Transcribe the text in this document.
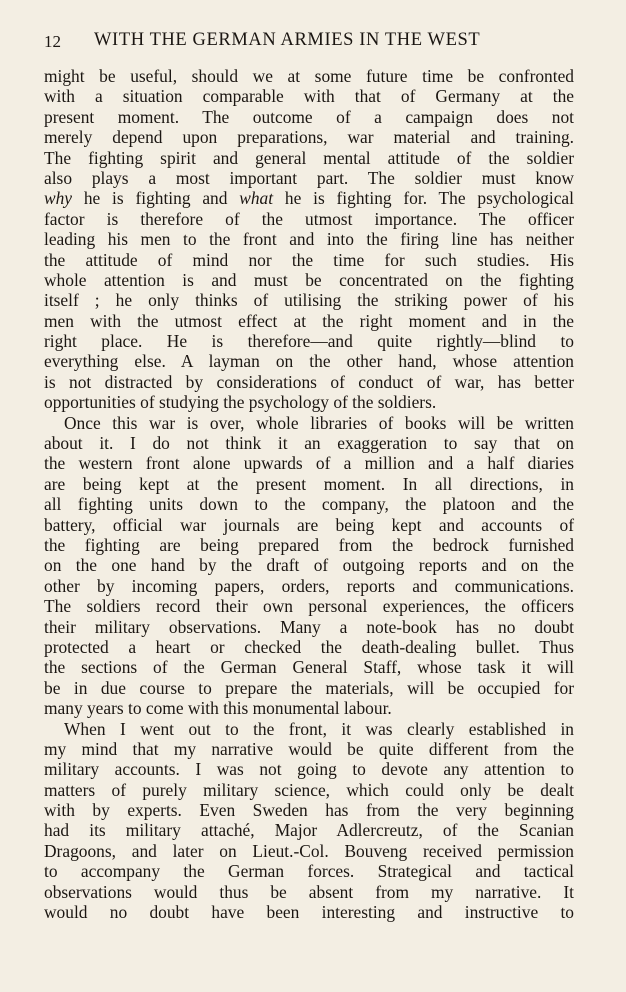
12 WITH THE GERMAN ARMIES IN THE WEST
might be useful, should we at some future time be confronted
with a situation comparable with that of Germany at the
present moment. The outcome of a campaign does not
merely depend upon preparations, war material and training.
The fighting spirit and general mental attitude of the soldier
also plays a most important part. The soldier must know
why he is fighting and what he is fighting for. The psychological
factor is therefore of the utmost importance. The officer
leading his men to the front and into the firing line has neither
the attitude of mind nor the time for such studies. His
whole attention is and must be concentrated on the fighting
itself ; he only thinks of utilising the striking power of his
men with the utmost effect at the right moment and in the
right place. He is therefore—and quite rightly—blind to
everything else. A layman on the other hand, whose attention
is not distracted by considerations of conduct of war, has better
opportunities of studying the psychology of the soldiers.
Once this war is over, whole libraries of books will be written
about it. I do not think it an exaggeration to say that on
the western front alone upwards of a million and a half diaries
are being kept at the present moment. In all directions, in
all fighting units down to the company, the platoon and the
battery, official war journals are being kept and accounts of
the fighting are being prepared from the bedrock furnished
on the one hand by the draft of outgoing reports and on the
other by incoming papers, orders, reports and communications.
The soldiers record their own personal experiences, the officers
their military observations. Many a note-book has no doubt
protected a heart or checked the death-dealing bullet. Thus
the sections of the German General Staff, whose task it will
be in due course to prepare the materials, will be occupied for
many years to come with this monumental labour.
When I went out to the front, it was clearly established in
my mind that my narrative would be quite different from the
military accounts. I was not going to devote any attention to
matters of purely military science, which could only be dealt
with by experts. Even Sweden has from the very beginning
had its military attaché, Major Adlercreutz, of the Scanian
Dragoons, and later on Lieut.-Col. Bouveng received permission
to accompany the German forces. Strategical and tactical
observations would thus be absent from my narrative. It
would no doubt have been interesting and instructive to
